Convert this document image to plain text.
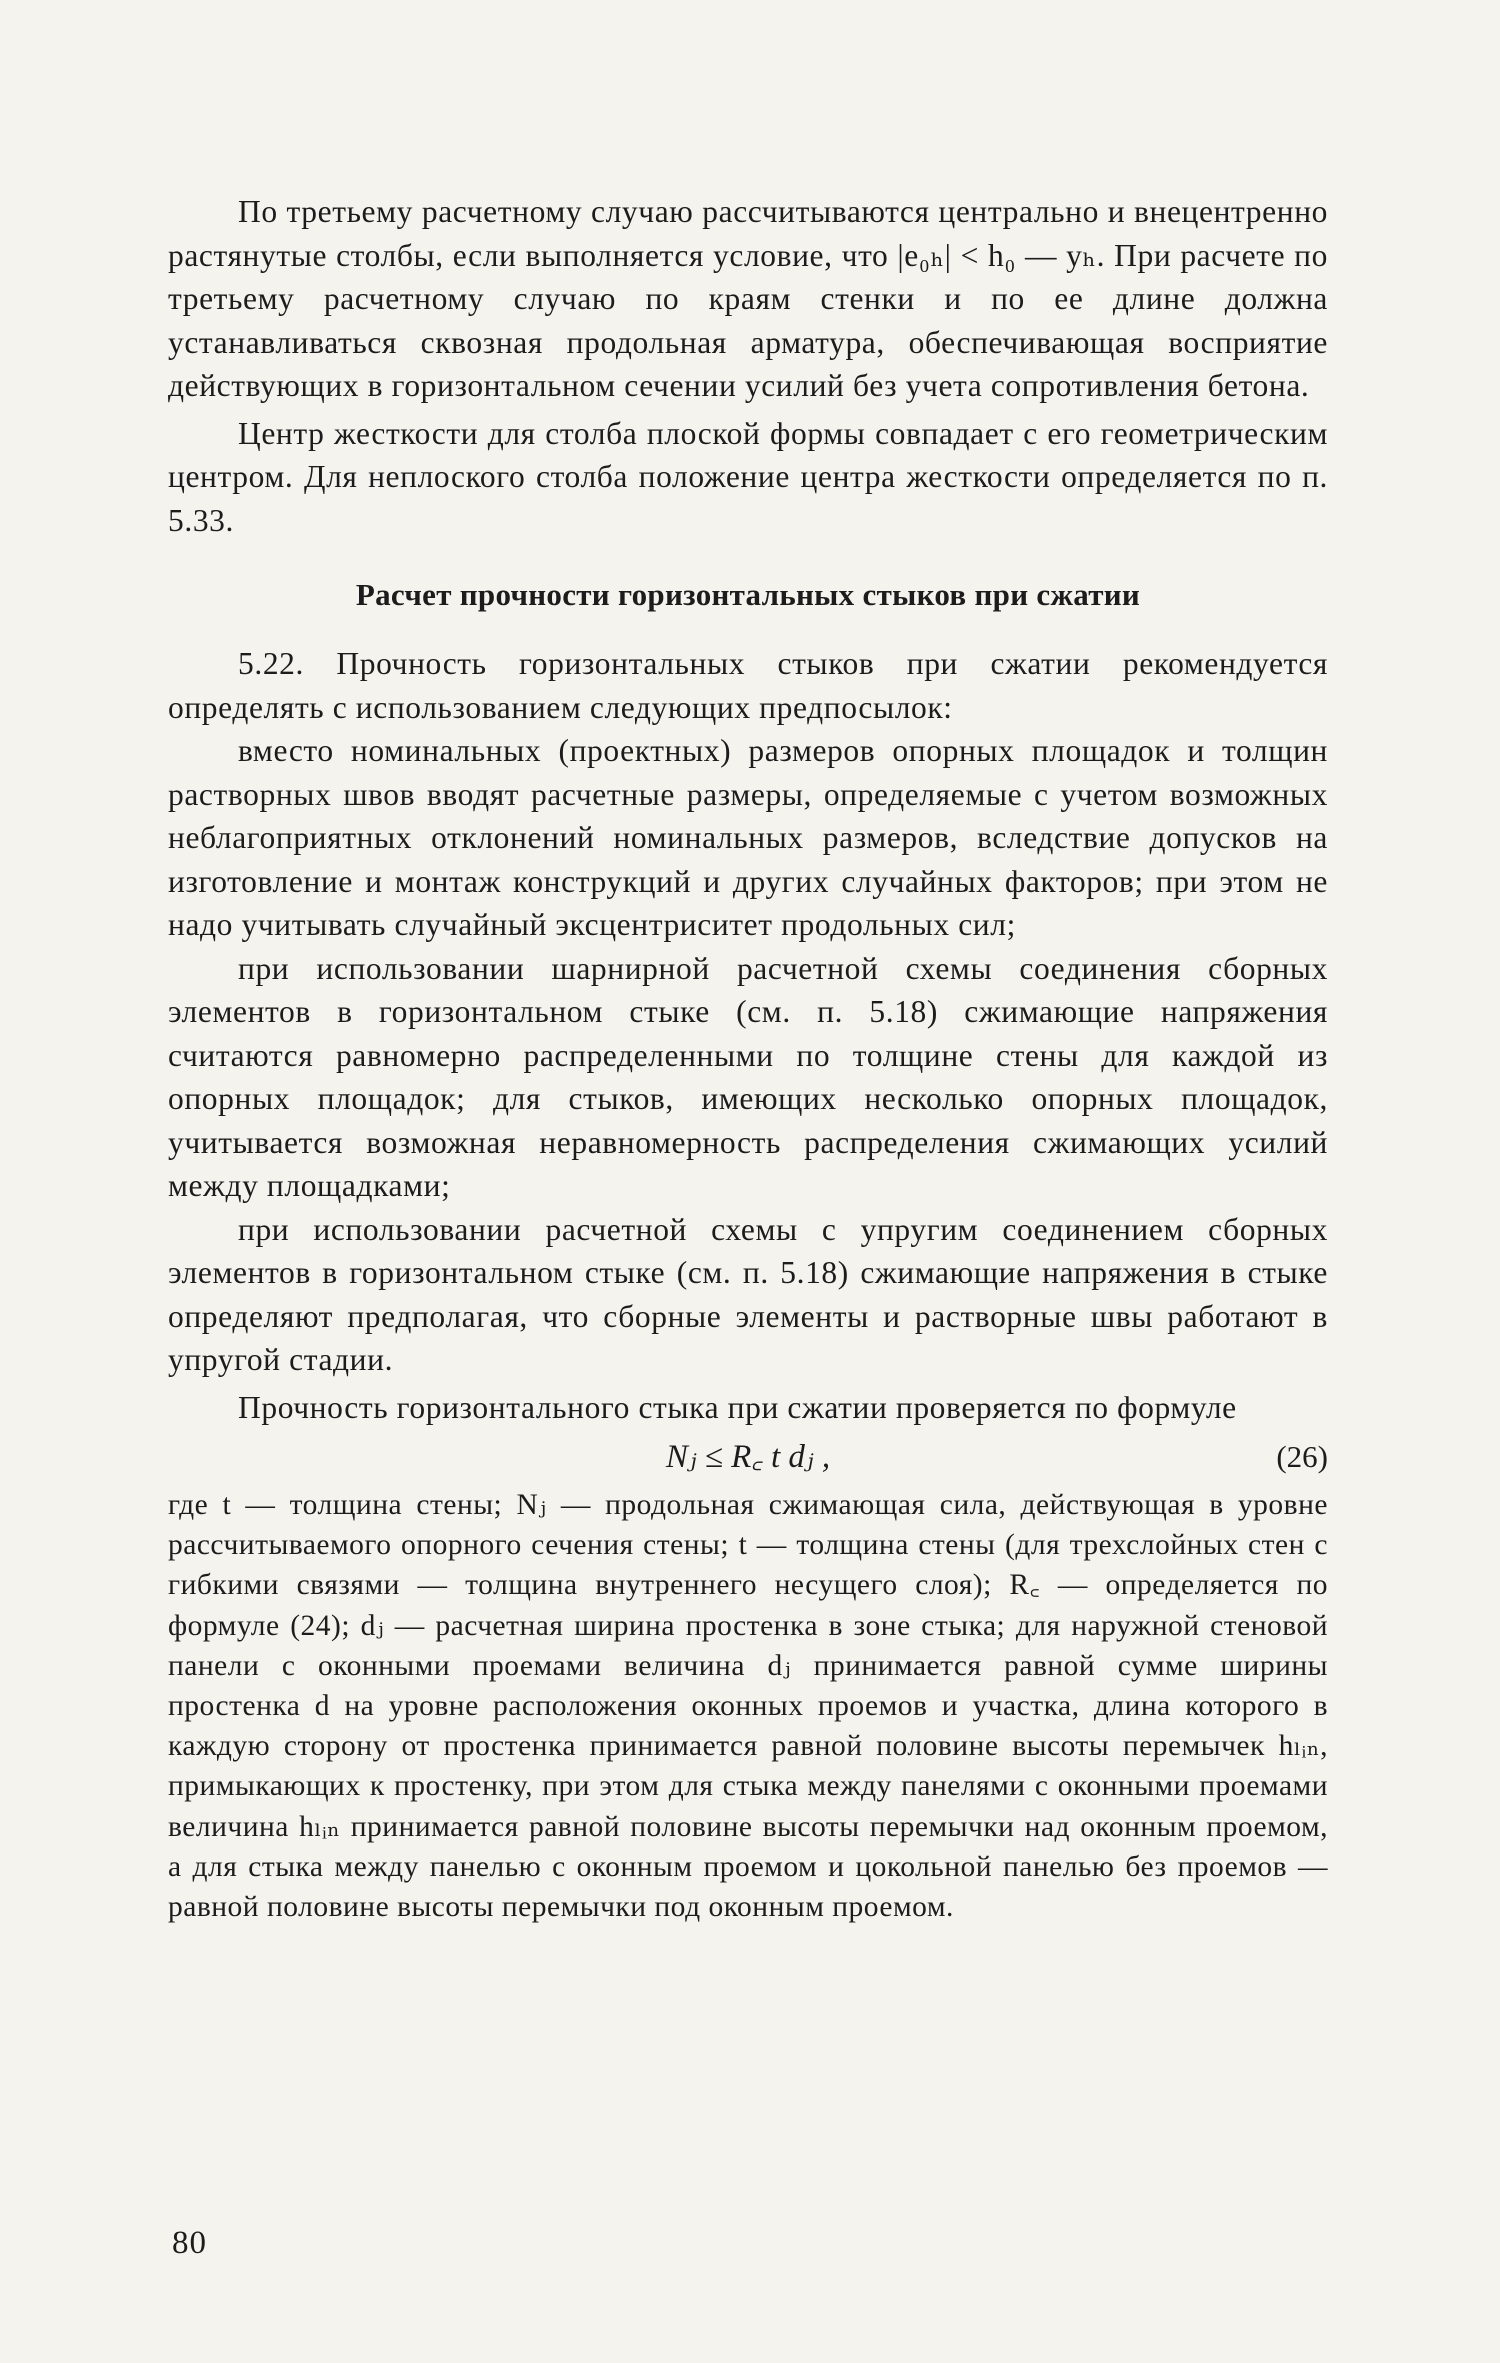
По третьему расчетному случаю рассчитываются центрально и внецентренно растянутые столбы, если выполняется условие, что |e₀ₕ| < h₀ — yₕ. При расчете по третьему расчетному случаю по краям стенки и по ее длине должна устанавливаться сквозная продольная арматура, обеспечивающая восприятие действующих в горизонтальном сечении усилий без учета сопротивления бетона.

Центр жесткости для столба плоской формы совпадает с его геометрическим центром. Для неплоского столба положение центра жесткости определяется по п. 5.33.

Расчет прочности горизонтальных стыков при сжатии

5.22. Прочность горизонтальных стыков при сжатии рекомендуется определять с использованием следующих предпосылок:

вместо номинальных (проектных) размеров опорных площадок и толщин растворных швов вводят расчетные размеры, определяемые с учетом возможных неблагоприятных отклонений номинальных размеров, вследствие допусков на изготовление и монтаж конструкций и других случайных факторов; при этом не надо учитывать случайный эксцентриситет продольных сил;

при использовании шарнирной расчетной схемы соединения сборных элементов в горизонтальном стыке (см. п. 5.18) сжимающие напряжения считаются равномерно распределенными по толщине стены для каждой из опорных площадок; для стыков, имеющих несколько опорных площадок, учитывается возможная неравномерность распределения сжимающих усилий между площадками;

при использовании расчетной схемы с упругим соединением сборных элементов в горизонтальном стыке (см. п. 5.18) сжимающие напряжения в стыке определяют предполагая, что сборные элементы и растворные швы работают в упругой стадии.

Прочность горизонтального стыка при сжатии проверяется по формуле

Nⱼ ≤ R꜀ t dⱼ ,	(26)

где t — толщина стены; Nⱼ — продольная сжимающая сила, действующая в уровне рассчитываемого опорного сечения стены; t — толщина стены (для трехслойных стен с гибкими связями — толщина внутреннего несущего слоя); R꜀ — определяется по формуле (24); dⱼ — расчетная ширина простенка в зоне стыка; для наружной стеновой панели с оконными проемами величина dⱼ принимается равной сумме ширины простенка d на уровне расположения оконных проемов и участка, длина которого в каждую сторону от простенка принимается равной половине высоты перемычек hₗᵢₙ, примыкающих к простенку, при этом для стыка между панелями с оконными проемами величина hₗᵢₙ принимается равной половине высоты перемычки над оконным проемом, а для стыка между панелью с оконным проемом и цокольной панелью без проемов — равной половине высоты перемычки под оконным проемом.

80
